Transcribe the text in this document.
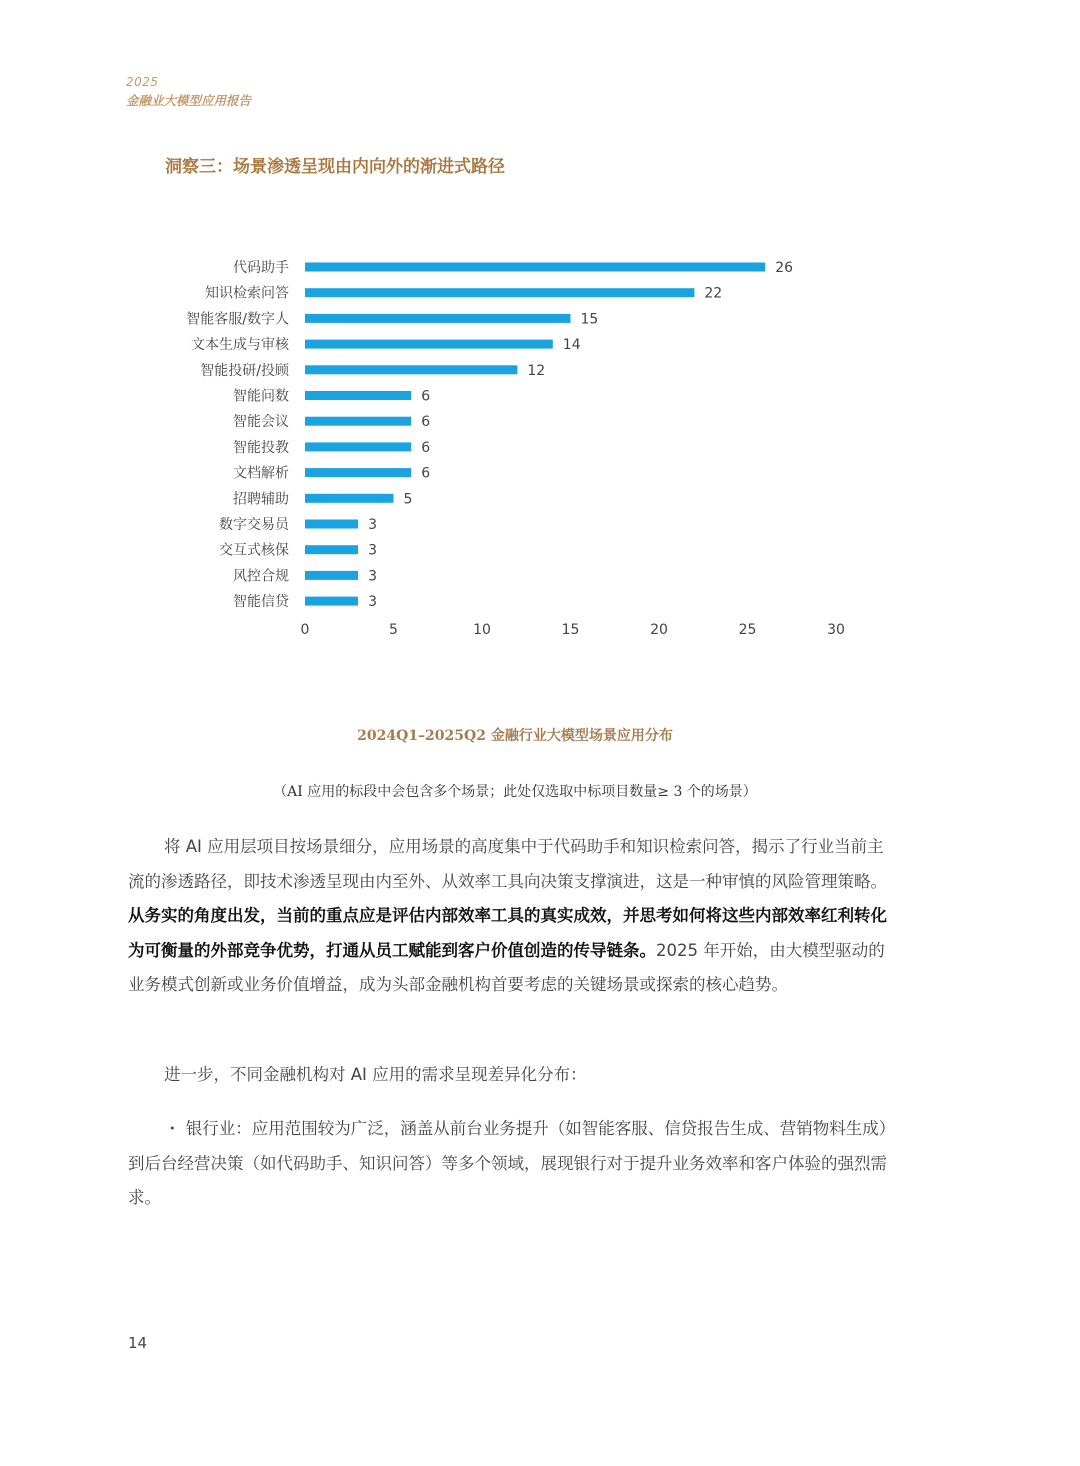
2025
金融业大模型应用报告
洞察三：场景渗透呈现由内向外的渐进式路径
代码助手	26
知识检索问答	22
智能客服/数字人	15
文本生成与审核	14
智能投研/投顾	12
智能问数	6
智能会议	6
智能投教	6
文档解析	6
招聘辅助	5
数字交易员	3
交互式核保	3
风控合规	3
智能信贷	3
0	5	10	15	20	25	30
2024Q1–2025Q2 金融行业大模型场景应用分布
（AI 应用的标段中会包含多个场景；此处仅选取中标项目数量≥ 3 个的场景）

将 AI 应用层项目按场景细分，应用场景的高度集中于代码助手和知识检索问答，揭示了行业当前主流的渗透路径，即技术渗透呈现由内至外、从效率工具向决策支撑演进，这是一种审慎的风险管理策略。从务实的角度出发，当前的重点应是评估内部效率工具的真实成效，并思考如何将这些内部效率红利转化为可衡量的外部竞争优势，打通从员工赋能到客户价值创造的传导链条。2025 年开始，由大模型驱动的业务模式创新或业务价值增益，成为头部金融机构首要考虑的关键场景或探索的核心趋势。

进一步，不同金融机构对 AI 应用的需求呈现差异化分布：

・ 银行业：应用范围较为广泛，涵盖从前台业务提升（如智能客服、信贷报告生成、营销物料生成）到后台经营决策（如代码助手、知识问答）等多个领域，展现银行对于提升业务效率和客户体验的强烈需求。

14
